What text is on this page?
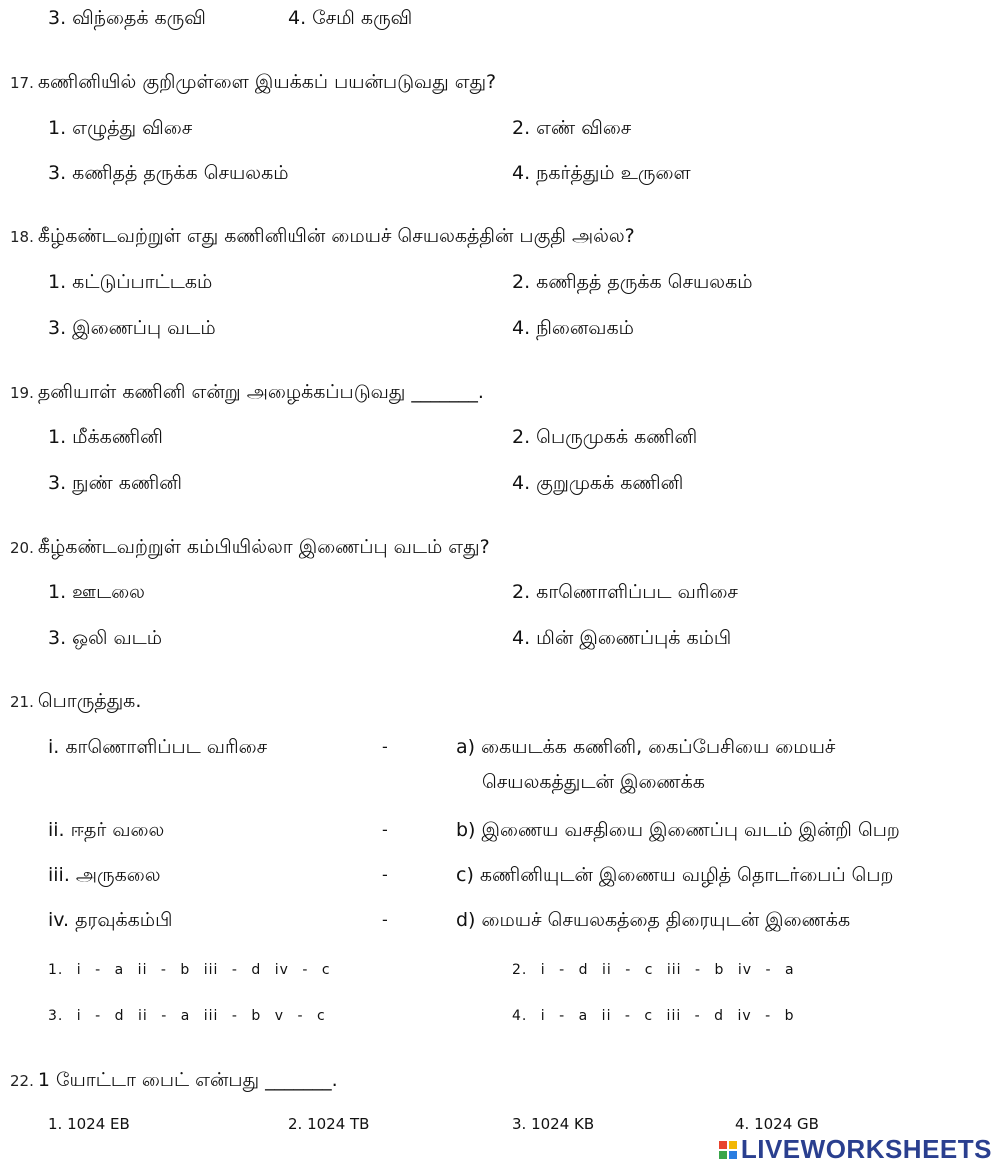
3. விந்தைக் கருவி	4. சேமி கருவி
17. கணினியில் குறிமுள்ளை இயக்கப் பயன்படுவது எது?
1. எழுத்து விசை	2. எண் விசை
3. கணிதத் தருக்க செயலகம்	4. நகர்த்தும் உருளை
18. கீழ்கண்டவற்றுள் எது கணினியின் மையச் செயலகத்தின் பகுதி அல்ல?
1. கட்டுப்பாட்டகம்	2. கணிதத் தருக்க செயலகம்
3. இணைப்பு வடம்	4. நினைவகம்
19. தனியாள் கணினி என்று அழைக்கப்படுவது _______.
1. மீக்கணினி	2. பெருமுகக் கணினி
3. நுண் கணினி	4. குறுமுகக் கணினி
20. கீழ்கண்டவற்றுள் கம்பியில்லா இணைப்பு வடம் எது?
1. ஊடலை	2. காணொளிப்பட வரிசை
3. ஒலி வடம்	4. மின் இணைப்புக் கம்பி
21. பொருத்துக.
i. காணொளிப்பட வரிசை	-	a) கையடக்க கணினி, கைப்பேசியை மையச்
செயலகத்துடன் இணைக்க
ii. ஈதர் வலை	-	b) இணைய வசதியை இணைப்பு வடம் இன்றி பெற
iii. அருகலை	-	c) கணினியுடன் இணைய வழித் தொடர்பைப் பெற
iv. தரவுக்கம்பி	-	d) மையச் செயலகத்தை திரையுடன் இணைக்க
1. i - a ii - b iii - d iv - c	2. i - d ii - c iii - b iv - a
3. i - d ii - a iii - b v - c	4. i - a ii - c iii - d iv - b
22. 1 யோட்டா பைட் என்பது _______.
1. 1024 EB	2. 1024 TB	3. 1024 KB	4. 1024 GB
LIVEWORKSHEETS
